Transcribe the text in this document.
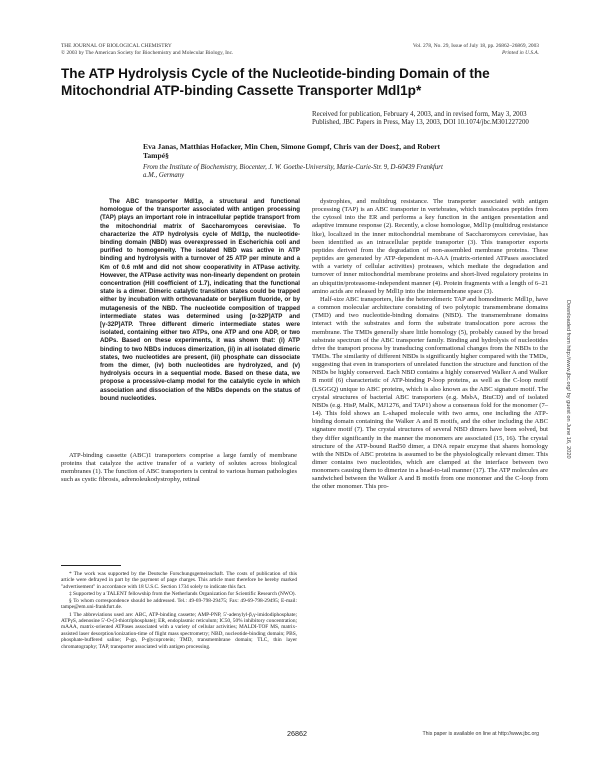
THE JOURNAL OF BIOLOGICAL CHEMISTRY
© 2003 by The American Society for Biochemistry and Molecular Biology, Inc.
Vol. 278, No. 29, Issue of July 18, pp. 26862–26869, 2003
Printed in U.S.A.
The ATP Hydrolysis Cycle of the Nucleotide-binding Domain of the Mitochondrial ATP-binding Cassette Transporter Mdl1p*
Received for publication, February 4, 2003, and in revised form, May 3, 2003 Published, JBC Papers in Press, May 13, 2003, DOI 10.1074/jbc.M301227200
Eva Janas, Matthias Hofacker, Min Chen, Simone Gompf, Chris van der Does‡, and Robert Tampé§
From the Institute of Biochemistry, Biocenter, J. W. Goethe-University, Marie-Curie-Str. 9, D-60439 Frankfurt a.M., Germany
The ABC transporter Mdl1p, a structural and functional homologue of the transporter associated with antigen processing (TAP) plays an important role in intracellular peptide transport from the mitochondrial matrix of Saccharomyces cerevisiae. To characterize the ATP hydrolysis cycle of Mdl1p, the nucleotide-binding domain (NBD) was overexpressed in Escherichia coli and purified to homogeneity. The isolated NBD was active in ATP binding and hydrolysis with a turnover of 25 ATP per minute and a Km of 0.6 mM and did not show cooperativity in ATPase activity. However, the ATPase activity was non-linearly dependent on protein concentration (Hill coefficient of 1.7), indicating that the functional state is a dimer. Dimeric catalytic transition states could be trapped either by incubation with orthovanadate or beryllium fluoride, or by mutagenesis of the NBD. The nucleotide composition of trapped intermediate states was determined using [α-32P]ATP and [γ-32P]ATP. Three different dimeric intermediate states were isolated, containing either two ATPs, one ATP and one ADP, or two ADPs. Based on these experiments, it was shown that: (i) ATP binding to two NBDs induces dimerization, (ii) in all isolated dimeric states, two nucleotides are present, (iii) phosphate can dissociate from the dimer, (iv) both nucleotides are hydrolyzed, and (v) hydrolysis occurs in a sequential mode. Based on these data, we propose a processive-clamp model for the catalytic cycle in which association and dissociation of the NBDs depends on the status of bound nucleotides.

ATP-binding cassette (ABC)1 transporters comprise a large family of membrane proteins that catalyze the active transfer of a variety of solutes across biological membranes (1). The function of ABC transporters is central to various human pathologies such as cystic fibrosis, adrenoleukodystrophy, retinal

* The work was supported by the Deutsche Forschungsgemeinschaft. The costs of publication of this article were defrayed in part by the payment of page charges. This article must therefore be hereby marked "advertisement" in accordance with 18 U.S.C. Section 1734 solely to indicate this fact.

‡ Supported by a TALENT fellowship from the Netherlands Organization for Scientific Research (NWO).

§ To whom correspondence should be addressed. Tel.: 49-69-798-29475; Fax: 49-69-798-29495; E-mail: tampe@em.uni-frankfurt.de.

1 The abbreviations used are: ABC, ATP-binding cassette; AMP-PNP, 5′-adenylyl-β,γ-imidodiphosphate; ATPγS, adenosine 5′-O-(3-thiotriphosphate); ER, endoplasmic reticulum; IC50, 50% inhibitory concentration; mAAA, matrix-oriented ATPases associated with a variety of cellular activities; MALDI-TOF MS, matrix-assisted laser desorption/ionization-time of flight mass spectrometry; NBD, nucleotide-binding domain; PBS, phosphate-buffered saline; P-gp, P-glycoprotein; TMD, transmembrane domain; TLC, thin layer chromatography; TAP, transporter associated with antigen processing.

dystrophies, and multidrug resistance. The transporter associated with antigen processing (TAP) is an ABC transporter in vertebrates, which translocates peptides from the cytosol into the ER and performs a key function in the antigen presentation and adaptive immune response (2). Recently, a close homologue, Mdl1p (multidrug resistance like), localized in the inner mitochondrial membrane of Saccharomyces cerevisiae, has been identified as an intracellular peptide transporter (3). This transporter exports peptides derived from the degradation of non-assembled membrane proteins. These peptides are generated by ATP-dependent m-AAA (matrix-oriented ATPases associated with a variety of cellular activities) proteases, which mediate the degradation and turnover of inner mitochondrial membrane proteins and short-lived regulatory proteins in an ubiquitin/proteasome-independent manner (4). Protein fragments with a length of 6–21 amino acids are released by Mdl1p into the intermembrane space (3).

Half-size ABC transporters, like the heterodimeric TAP and homodimeric Mdl1p, have a common molecular architecture consisting of two polytopic transmembrane domains (TMD) and two nucleotide-binding domains (NBD). The transmembrane domains interact with the substrates and form the substrate translocation pore across the membrane. The TMDs generally share little homology (5), probably caused by the broad substrate spectrum of the ABC transporter family. Binding and hydrolysis of nucleotides drive the transport process by transducing conformational changes from the NBDs to the TMDs. The similarity of different NBDs is significantly higher compared with the TMDs, suggesting that even in transporters of unrelated function the structure and function of the NBDs be highly conserved. Each NBD contains a highly conserved Walker A and Walker B motif (6) characteristic of ATP-binding P-loop proteins, as well as the C-loop motif (LSGGQ) unique to ABC proteins, which is also known as the ABC signature motif. The crystal structures of bacterial ABC transporters (e.g. MsbA, BtuCD) and of isolated NBDs (e.g. HisP, MalK, MJ1276, and TAP1) show a consensus fold for the monomer (7–14). This fold shows an L-shaped molecule with two arms, one including the ATP-binding domain containing the Walker A and B motifs, and the other including the ABC signature motif (7). The crystal structures of several NBD dimers have been solved, but they differ significantly in the manner the monomers are associated (15, 16). The crystal structure of the ATP-bound Rad50 dimer, a DNA repair enzyme that shares homology with the NBDs of ABC proteins is assumed to be the physiologically relevant dimer. This dimer contains two nucleotides, which are clamped at the interface between two monomers causing them to dimerize in a head-to-tail manner (17). The ATP molecules are sandwiched between the Walker A and B motifs from one monomer and the C-loop from the other monomer. This pro-

Downloaded from http://www.jbc.org/ by guest on June 16, 2020
26862	This paper is available on line at http://www.jbc.org
